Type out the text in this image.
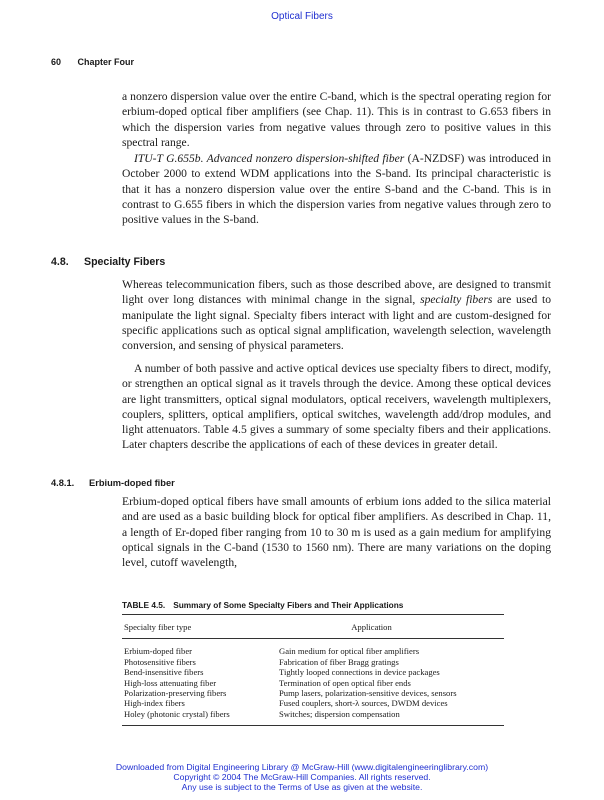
Optical Fibers
60 Chapter Four

a nonzero dispersion value over the entire C-band, which is the spectral operating region for erbium-doped optical fiber amplifiers (see Chap. 11). This is in contrast to G.653 fibers in which the dispersion varies from negative values through zero to positive values in this spectral range.

ITU-T G.655b. Advanced nonzero dispersion-shifted fiber (A-NZDSF) was introduced in October 2000 to extend WDM applications into the S-band. Its principal characteristic is that it has a nonzero dispersion value over the entire S-band and the C-band. This is in contrast to G.655 fibers in which the dispersion varies from negative values through zero to positive values in the S-band.

4.8. Specialty Fibers

Whereas telecommunication fibers, such as those described above, are designed to transmit light over long distances with minimal change in the signal, specialty fibers are used to manipulate the light signal. Specialty fibers interact with light and are custom-designed for specific applications such as optical signal amplification, wavelength selection, wavelength conversion, and sensing of physical parameters.

A number of both passive and active optical devices use specialty fibers to direct, modify, or strengthen an optical signal as it travels through the device. Among these optical devices are light transmitters, optical signal modulators, optical receivers, wavelength multiplexers, couplers, splitters, optical amplifiers, optical switches, wavelength add/drop modules, and light attenuators. Table 4.5 gives a summary of some specialty fibers and their applications. Later chapters describe the applications of each of these devices in greater detail.

4.8.1. Erbium-doped fiber

Erbium-doped optical fibers have small amounts of erbium ions added to the silica material and are used as a basic building block for optical fiber amplifiers. As described in Chap. 11, a length of Er-doped fiber ranging from 10 to 30 m is used as a gain medium for amplifying optical signals in the C-band (1530 to 1560 nm). There are many variations on the doping level, cutoff wavelength,

TABLE 4.5. Summary of Some Specialty Fibers and Their Applications
Specialty fiber type	Application
Erbium-doped fiber	Gain medium for optical fiber amplifiers
Photosensitive fibers	Fabrication of fiber Bragg gratings
Bend-insensitive fibers	Tightly looped connections in device packages
High-loss attenuating fiber	Termination of open optical fiber ends
Polarization-preserving fibers	Pump lasers, polarization-sensitive devices, sensors
High-index fibers	Fused couplers, short-λ sources, DWDM devices
Holey (photonic crystal) fibers	Switches; dispersion compensation
Downloaded from Digital Engineering Library @ McGraw-Hill (www.digitalengineeringlibrary.com)
Copyright © 2004 The McGraw-Hill Companies. All rights reserved.
Any use is subject to the Terms of Use as given at the website.
